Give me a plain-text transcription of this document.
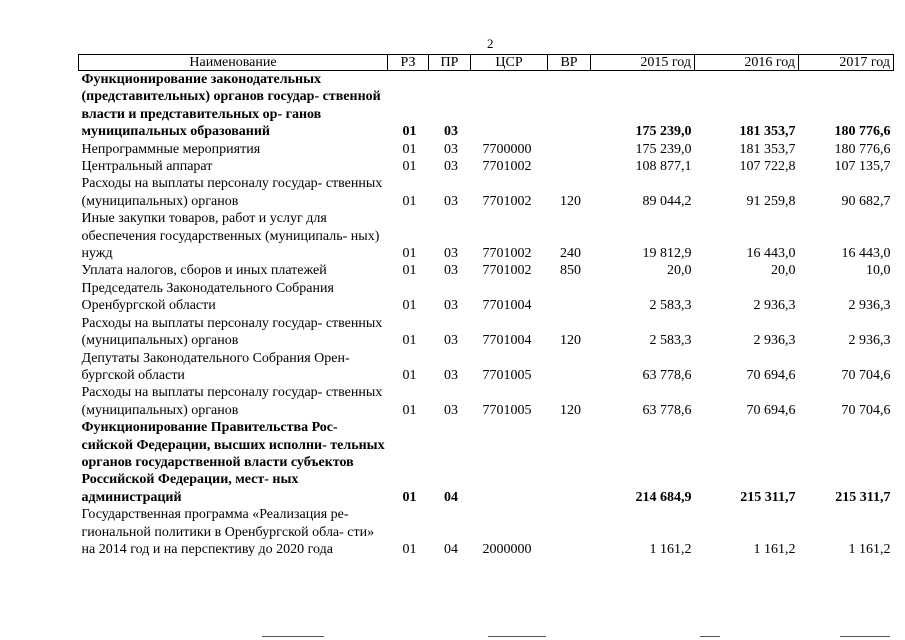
2
Наименование	РЗ	ПР	ЦСР	ВР	2015 год	2016 год	2017 год
Функционирование законодательных (представительных) органов государ- ственной власти и представительных ор- ганов муниципальных образований	01	03			175 239,0	181 353,7	180 776,6
Непрограммные мероприятия	01	03	7700000		175 239,0	181 353,7	180 776,6
Центральный аппарат	01	03	7701002		108 877,1	107 722,8	107 135,7
Расходы на выплаты персоналу государ- ственных (муниципальных) органов	01	03	7701002	120	89 044,2	91 259,8	90 682,7
Иные закупки товаров, работ и услуг для обеспечения государственных (муниципаль- ных) нужд	01	03	7701002	240	19 812,9	16 443,0	16 443,0
Уплата налогов, сборов и иных платежей	01	03	7701002	850	20,0	20,0	10,0
Председатель Законодательного Собрания Оренбургской области	01	03	7701004		2 583,3	2 936,3	2 936,3
Расходы на выплаты персоналу государ- ственных (муниципальных) органов	01	03	7701004	120	2 583,3	2 936,3	2 936,3
Депутаты Законодательного Собрания Орен- бургской области	01	03	7701005		63 778,6	70 694,6	70 704,6
Расходы на выплаты персоналу государ- ственных (муниципальных) органов	01	03	7701005	120	63 778,6	70 694,6	70 704,6
Функционирование Правительства Рос- сийской Федерации, высших исполни- тельных органов государственной власти субъектов Российской Федерации, мест- ных администраций	01	04			214 684,9	215 311,7	215 311,7
Государственная программа «Реализация ре- гиональной политики в Оренбургской обла- сти» на 2014 год и на перспективу до 2020 года	01	04	2000000		1 161,2	1 161,2	1 161,2
